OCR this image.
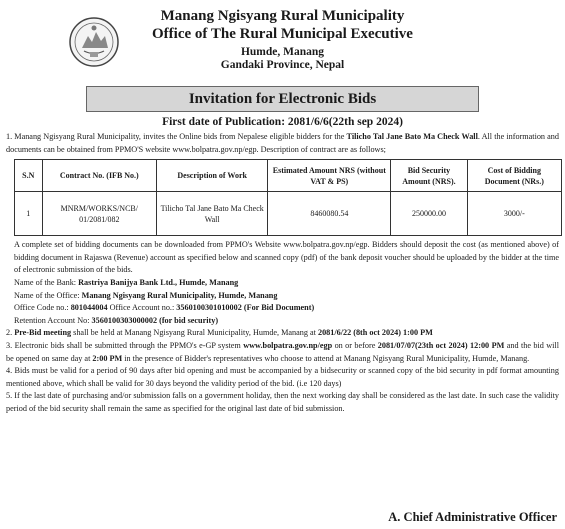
Manang Ngisyang Rural Municipality
Office of The Rural Municipal Executive
Humde, Manang
Gandaki Province, Nepal
Invitation for Electronic Bids
First date of Publication: 2081/6/6(22th sep 2024)
1. Manang Ngisyang Rural Municipality, invites the Online bids from Nepalese eligible bidders for the Tilicho Tal Jane Bato Ma Check Wall. All the information and documents can be obtained from PPMO'S website www.bolpatra.gov.np/egp. Description of contract are as follows;
S.N	Contract No. (IFB No.)	Description of Work	Estimated Amount NRS (without VAT & PS)	Bid Security Amount (NRS).	Cost of Bidding Document (NRs.)
1	MNRM/WORKS/NCB/ 01/2081/082	Tilicho Tal Jane Bato Ma Check Wall	8460080.54	250000.00	3000/-
A complete set of bidding documents can be downloaded from PPMO's Website www.bolpatra.gov.np/egp. Bidders should deposit the cost (as mentioned above) of bidding document in Rajaswa (Revenue) account as specified below and scanned copy (pdf) of the bank deposit voucher should be uploaded by the bidder at the time of electronic submission of the bids.
Name of the Bank: Rastriya Banijya Bank Ltd., Humde, Manang
Name of the Office: Manang Ngisyang Rural Municipality, Humde, Manang
Office Code no.: 801044004 Office Account no.: 3560100301010002 (For Bid Document)
Retention Account No: 3560100303000002 (for bid security)
2. Pre-Bid meeting shall be held at Manang Ngisyang Rural Municipality, Humde, Manang at 2081/6/22 (8th oct 2024) 1:00 PM
3. Electronic bids shall be submitted through the PPMO's e-GP system www.bolpatra.gov.np/egp on or before 2081/07/07(23th oct 2024) 12:00 PM and the bid will be opened on same day at 2:00 PM in the presence of Bidder's representatives who choose to attend at Manang Ngisyang Rural Municipality, Humde, Manang.
4. Bids must be valid for a period of 90 days after bid opening and must be accompanied by a bidsecurity or scanned copy of the bid security in pdf format amounting mentioned above, which shall be valid for 30 days beyond the validity period of the bid. (i.e 120 days)
5. If the last date of purchasing and/or submission falls on a government holiday, then the next working day shall be considered as the last date. In such case the validity period of the bid security shall remain the same as specified for the original last date of bid submission.
A. Chief Administrative Officer
